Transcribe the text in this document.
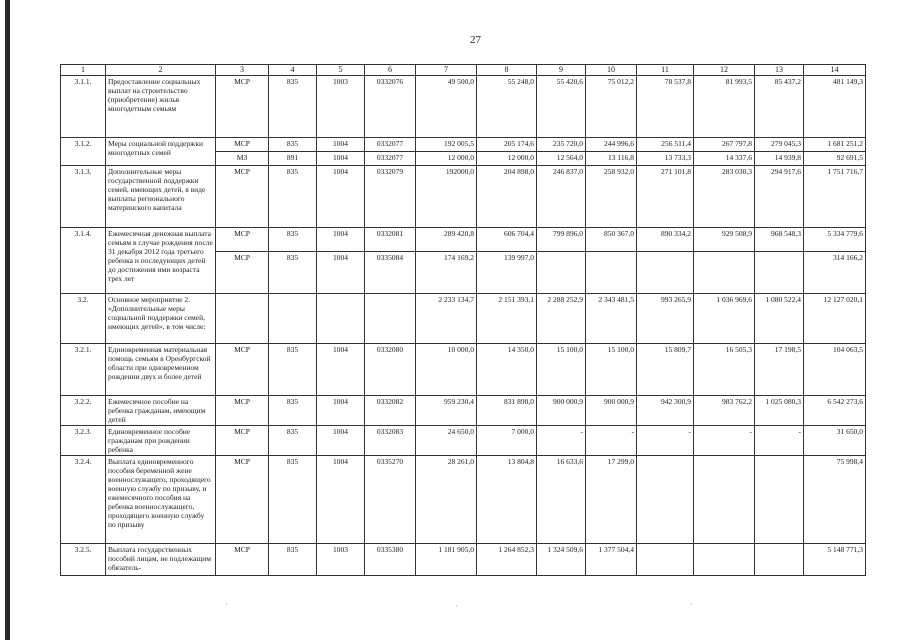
27
1	2	3	4	5	6	7	8	9	10	11	12	13	14
3.1.1.	Предоставление социальных выплат на строительство (приобретение) жилья многодетным семьям	МСР	835	1003	0332076	49 500,0	55 248,0	55 420,6	75 012,2	78 537,8	81 993,5	85 437,2	481 149,3
3.1.2.	Меры социальной поддержки многодетных семей	МСР	835	1004	0332077	192 005,5	205 174,6	235 720,0	244 996,6	256 511,4	267 797,8	279 045,3	1 681 251,2
		МЗ	891	1004	0332077	12 000,0	12 000,0	12 564,0	13 116,8	13 733,3	14 337,6	14 939,8	92 691,5
3.1.3.	Дополнительные меры государственной поддержки семей, имеющих детей, в виде выплаты регионального материнского капитала	МСР	835	1004	0332079	192000,0	204 898,0	246 837,0	258 932,0	271 101,8	283 030,3	294 917,6	1 751 716,7
3.1.4.	Ежемесячная денежная выплата семьям в случае рождения после 31 декабря 2012 года третьего ребенка и последующих детей до достижения ими возраста трех лет	МСР	835	1004	0332081	289 420,8	606 704,4	799 896,0	850 367,0	890 334,2	929 508,9	968 548,3	5 334 779,6
		МСР	835	1004	0335084	174 169,2	139 997,0						314 166,2
3.2.	Основное мероприятие 2. «Дополнительные меры социальной поддержки семей, имеющих детей», в том числе:					2 233 134,7	2 151 393,1	2 288 252,9	2 343 481,5	993 265,9	1 036 969,6	1 080 522,4	12 127 020,1
3.2.1.	Единовременная материальная помощь семьям в Оренбургской области при одновременном рождении двух и более детей	МСР	835	1004	0332080	10 000,0	14 350,0	15 100,0	15 100,0	15 809,7	16 505,3	17 198,5	104 063,5
3.2.2.	Ежемесячное пособие на ребенка гражданам, имеющим детей	МСР	835	1004	0332082	959 230,4	831 898,0	900 000,9	900 000,9	942 300,9	983 762,2	1 025 080,3	6 542 273,6
3.2.3.	Единовременное пособие гражданам при рождении ребенка	МСР	835	1004	0332083	24 650,0	7 000,0	-	-	-	-	-	31 650,0
3.2.4.	Выплата единовременного пособия беременной жене военнослужащего, проходящего военную службу по призыву, и ежемесячного пособия на ребенка военнослужащего, проходящего военную службу по призыву	МСР	835	1004	0335270	28 261,0	13 804,8	16 633,6	17 299,0				75 998,4
3.2.5.	Выплата государственных пособий лицам, не подлежащим обязатель-	МСР	835	1003	0335380	1 181 905,0	1 264 852,3	1 324 509,6	1 377 504,4				5 148 771,3
·	·	·
